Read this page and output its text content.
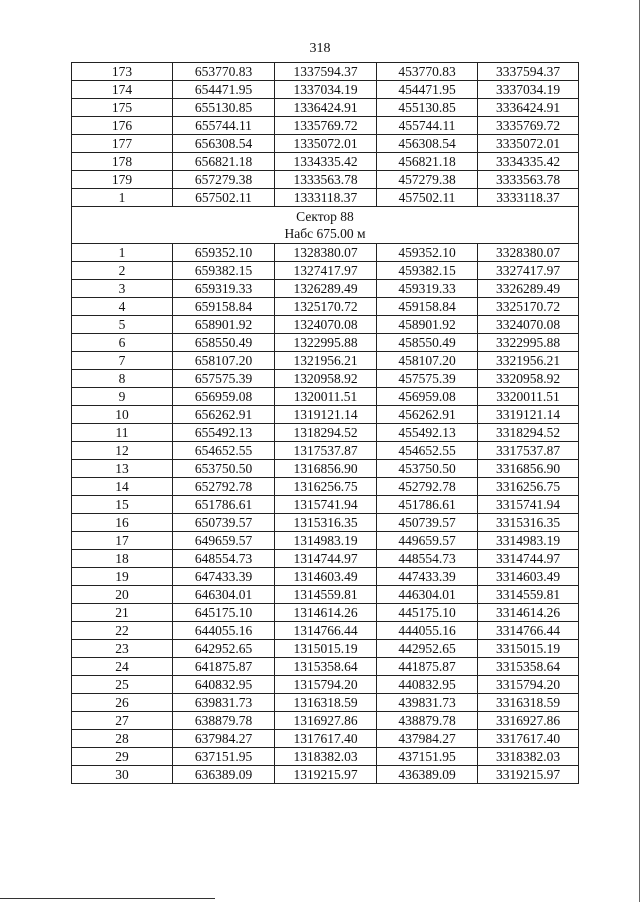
318
173	653770.83	1337594.37	453770.83	3337594.37
174	654471.95	1337034.19	454471.95	3337034.19
175	655130.85	1336424.91	455130.85	3336424.91
176	655744.11	1335769.72	455744.11	3335769.72
177	656308.54	1335072.01	456308.54	3335072.01
178	656821.18	1334335.42	456821.18	3334335.42
179	657279.38	1333563.78	457279.38	3333563.78
1	657502.11	1333118.37	457502.11	3333118.37

Сектор 88
Набс 675.00 м				

1	659352.10	1328380.07	459352.10	3328380.07
2	659382.15	1327417.97	459382.15	3327417.97
3	659319.33	1326289.49	459319.33	3326289.49
4	659158.84	1325170.72	459158.84	3325170.72
5	658901.92	1324070.08	458901.92	3324070.08
6	658550.49	1322995.88	458550.49	3322995.88
7	658107.20	1321956.21	458107.20	3321956.21
8	657575.39	1320958.92	457575.39	3320958.92
9	656959.08	1320011.51	456959.08	3320011.51
10	656262.91	1319121.14	456262.91	3319121.14
11	655492.13	1318294.52	455492.13	3318294.52
12	654652.55	1317537.87	454652.55	3317537.87
13	653750.50	1316856.90	453750.50	3316856.90
14	652792.78	1316256.75	452792.78	3316256.75
15	651786.61	1315741.94	451786.61	3315741.94
16	650739.57	1315316.35	450739.57	3315316.35
17	649659.57	1314983.19	449659.57	3314983.19
18	648554.73	1314744.97	448554.73	3314744.97
19	647433.39	1314603.49	447433.39	3314603.49
20	646304.01	1314559.81	446304.01	3314559.81
21	645175.10	1314614.26	445175.10	3314614.26
22	644055.16	1314766.44	444055.16	3314766.44
23	642952.65	1315015.19	442952.65	3315015.19
24	641875.87	1315358.64	441875.87	3315358.64
25	640832.95	1315794.20	440832.95	3315794.20
26	639831.73	1316318.59	439831.73	3316318.59
27	638879.78	1316927.86	438879.78	3316927.86
28	637984.27	1317617.40	437984.27	3317617.40
29	637151.95	1318382.03	437151.95	3318382.03
30	636389.09	1319215.97	436389.09	3319215.97
